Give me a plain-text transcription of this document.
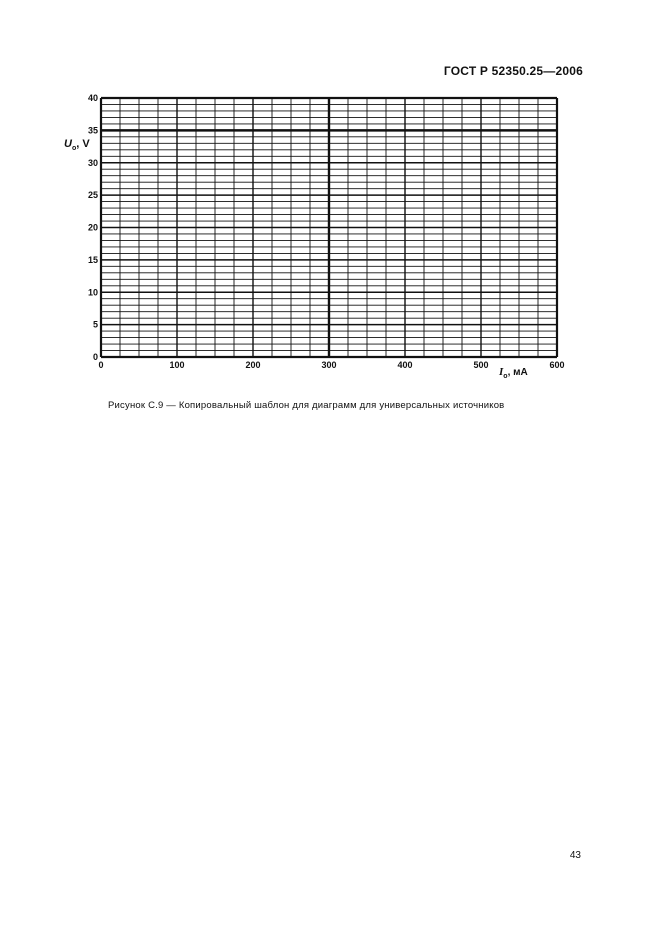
ГОСТ Р 52350.25—2006
0	100	200	300	400	500	600
0
5
10
15
20
25
30
35
40
$U_o$, V
$I_o$, мА
Рисунок С.9 — Копировальный шаблон для диаграмм для универсальных источников
43
